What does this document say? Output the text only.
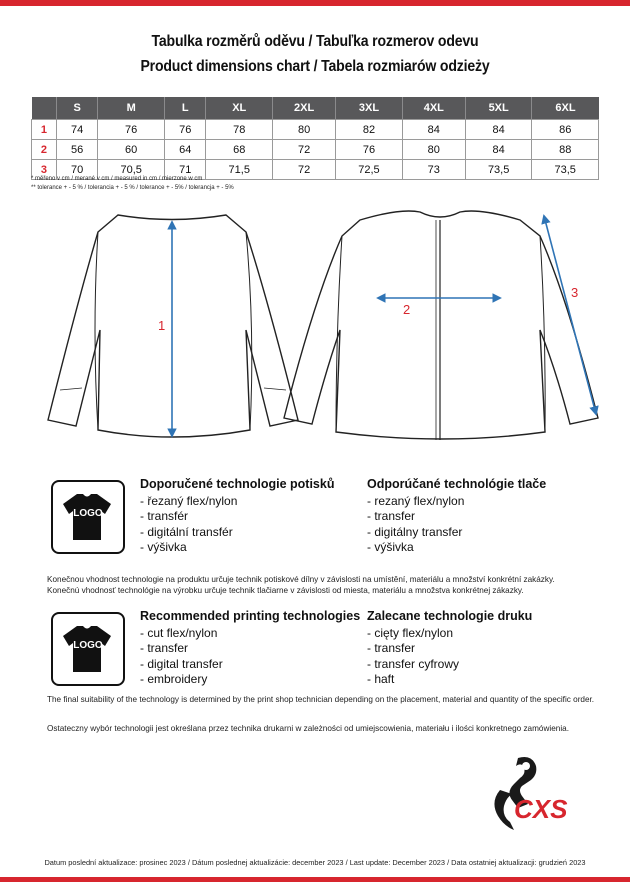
Tabulka rozměrů oděvu / Tabuľka rozmerov odevu
Product dimensions chart / Tabela rozmiarów odzieży
	S	M	L	XL	2XL	3XL	4XL	5XL	6XL
1	74	76	76	78	80	82	84	84	86
2	56	60	64	68	72	76	80	84	88
3	70	70,5	71	71,5	72	72,5	73	73,5	73,5
* měřeno v cm / merané v cm / measured in cm / mierzone w cm
** tolerance + - 5 % / tolerancia + - 5 % / tolerance + - 5% / tolerancja + - 5%
1
2
3
LOGO
Doporučené technologie potisků
- řezaný flex/nylon
- transfér
- digitální transfér
- výšivka
Odporúčané technológie tlače
- rezaný flex/nylon
- transfer
- digitálny transfer
- výšivka
Konečnou vhodnost technologie na produktu určuje technik potiskové dílny v závislosti na umístění, materiálu a množství konkrétní zakázky.
Konečnú vhodnosť technológie na výrobku určuje technik tlačiarne v závislosti od miesta, materiálu a množstva konkrétnej zákazky.
LOGO
Recommended printing technologies
- cut flex/nylon
- transfer
- digital transfer
- embroidery
Zalecane technologie druku
- cięty flex/nylon
- transfer
- transfer cyfrowy
- haft
The final suitability of the technology is determined by the print shop technician depending on the placement, material and quantity of the specific order.
Ostateczny wybór technologii jest określana przez technika drukarni w zależności od umiejscowienia, materiału i ilości konkretnego zamówienia.
CXS
Datum poslední aktualizace: prosinec 2023 / Dátum poslednej aktualizácie: december 2023 / Last update: December 2023 / Data ostatniej aktualizacji: grudzień 2023
